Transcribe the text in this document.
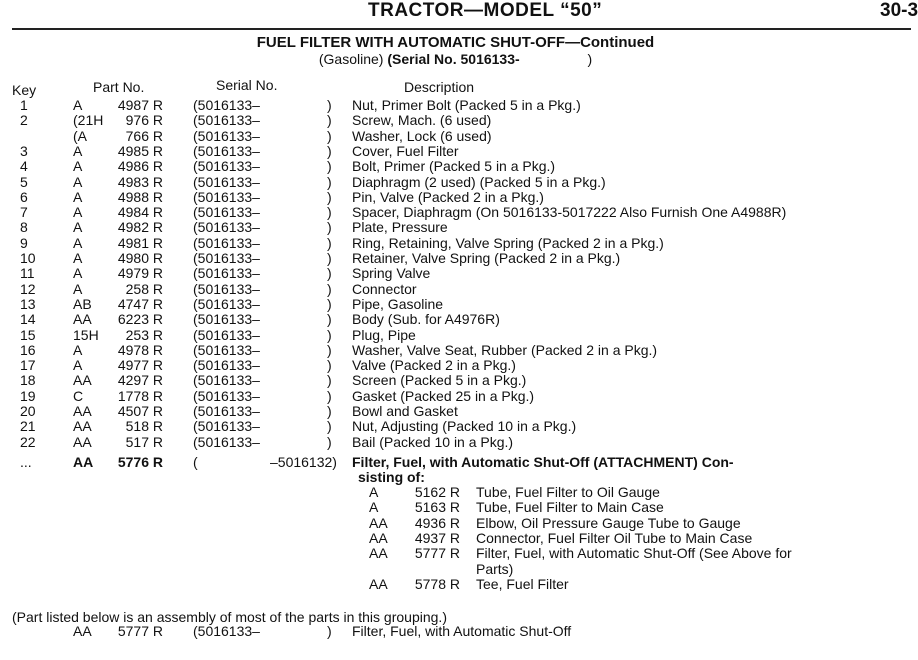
TRACTOR—MODEL “50”	30-3
FUEL FILTER WITH AUTOMATIC SHUT-OFF—Continued
(Gasoline) (Serial No. 5016133-	)
Key	Part No.	Serial No.	Description
1	A	4987 R (5016133–	) Nut, Primer Bolt (Packed 5 in a Pkg.)
2	(21H	976 R (5016133–	) Screw, Mach. (6 used)
(A	766 R (5016133–	) Washer, Lock (6 used)
3	A	4985 R (5016133–	) Cover, Fuel Filter
4	A	4986 R (5016133–	) Bolt, Primer (Packed 5 in a Pkg.)
5	A	4983 R (5016133–	) Diaphragm (2 used) (Packed 5 in a Pkg.)
6	A	4988 R (5016133–	) Pin, Valve (Packed 2 in a Pkg.)
7	A	4984 R (5016133–	) Spacer, Diaphragm (On 5016133-5017222 Also Furnish One A4988R)
8	A	4982 R (5016133–	) Plate, Pressure
9	A	4981 R (5016133–	) Ring, Retaining, Valve Spring (Packed 2 in a Pkg.)
10	A	4980 R (5016133–	) Retainer, Valve Spring (Packed 2 in a Pkg.)
11	A	4979 R (5016133–	) Spring Valve
12	A	258 R (5016133–	) Connector
13	AB	4747 R (5016133–	) Pipe, Gasoline
14	AA	6223 R (5016133–	) Body (Sub. for A4976R)
15	15H	253 R (5016133–	) Plug, Pipe
16	A	4978 R (5016133–	) Washer, Valve Seat, Rubber (Packed 2 in a Pkg.)
17	A	4977 R (5016133–	) Valve (Packed 2 in a Pkg.)
18	AA	4297 R (5016133–	) Screen (Packed 5 in a Pkg.)
19	C	1778 R (5016133–	) Gasket (Packed 25 in a Pkg.)
20	AA	4507 R (5016133–	) Bowl and Gasket
21	AA	518 R (5016133–	) Nut, Adjusting (Packed 10 in a Pkg.)
22	AA	517 R (5016133–	) Bail (Packed 10 in a Pkg.)
...	AA	5776 R (	–5016132) Filter, Fuel, with Automatic Shut-Off (ATTACHMENT) Con-
sisting of:
A	5162 R Tube, Fuel Filter to Oil Gauge
A	5163 R Tube, Fuel Filter to Main Case
AA	4936 R Elbow, Oil Pressure Gauge Tube to Gauge
AA	4937 R Connector, Fuel Filter Oil Tube to Main Case
AA	5777 R Filter, Fuel, with Automatic Shut-Off (See Above for
Parts)
AA	5778 R Tee, Fuel Filter
(Part listed below is an assembly of most of the parts in this grouping.)
AA	5777 R (5016133–	) Filter, Fuel, with Automatic Shut-Off
